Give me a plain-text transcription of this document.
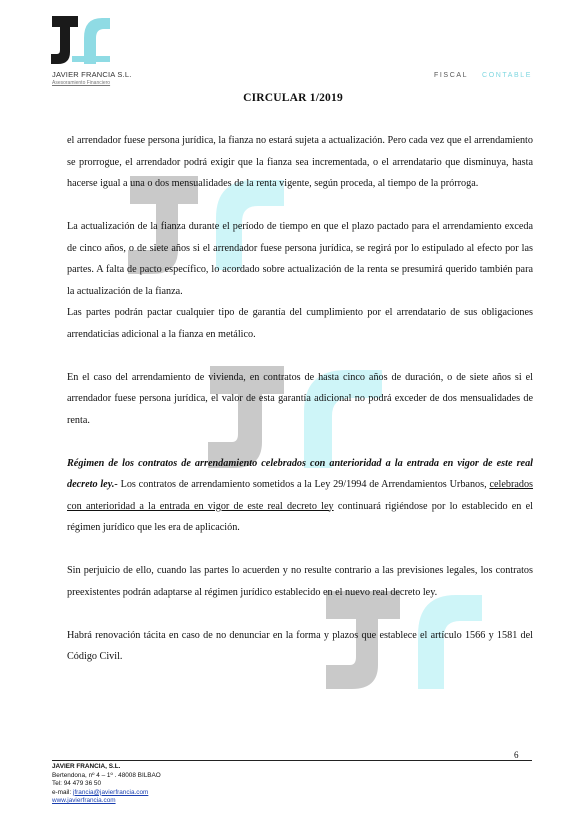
JAVIER FRANCIA S.L.
Asesoramiento Financiero
FISCAL CONTABLE
CIRCULAR 1/2019

el arrendador fuese persona jurídica, la fianza no estará sujeta a actualización. Pero cada vez que el arrendamiento se prorrogue, el arrendador podrá exigir que la fianza sea incrementada, o el arrendatario que disminuya, hasta hacerse igual a una o dos mensualidades de la renta vigente, según proceda, al tiempo de la prórroga.

La actualización de la fianza durante el período de tiempo en que el plazo pactado para el arrendamiento exceda de cinco años, o de siete años si el arrendador fuese persona jurídica, se regirá por lo estipulado al efecto por las partes. A falta de pacto específico, lo acordado sobre actualización de la renta se presumirá querido también para la actualización de la fianza.

Las partes podrán pactar cualquier tipo de garantía del cumplimiento por el arrendatario de sus obligaciones arrendaticias adicional a la fianza en metálico.

En el caso del arrendamiento de vivienda, en contratos de hasta cinco años de duración, o de siete años si el arrendador fuese persona jurídica, el valor de esta garantía adicional no podrá exceder de dos mensualidades de renta.

Régimen de los contratos de arrendamiento celebrados con anterioridad a la entrada en vigor de este real decreto ley.- Los contratos de arrendamiento sometidos a la Ley 29/1994 de Arrendamientos Urbanos, celebrados con anterioridad a la entrada en vigor de este real decreto ley continuará rigiéndose por lo establecido en el régimen jurídico que les era de aplicación.

Sin perjuicio de ello, cuando las partes lo acuerden y no resulte contrario a las previsiones legales, los contratos preexistentes podrán adaptarse al régimen jurídico establecido en el nuevo real decreto ley.

Habrá renovación tácita en caso de no denunciar en la forma y plazos que establece el artículo 1566 y 1581 del Código Civil.

6
JAVIER FRANCIA, S.L.
Bertendona, nº 4 – 1º . 48008 BILBAO
Tel: 94 479 36 50
e-mail: jfrancia@javierfrancia.com
www.javierfrancia.com
